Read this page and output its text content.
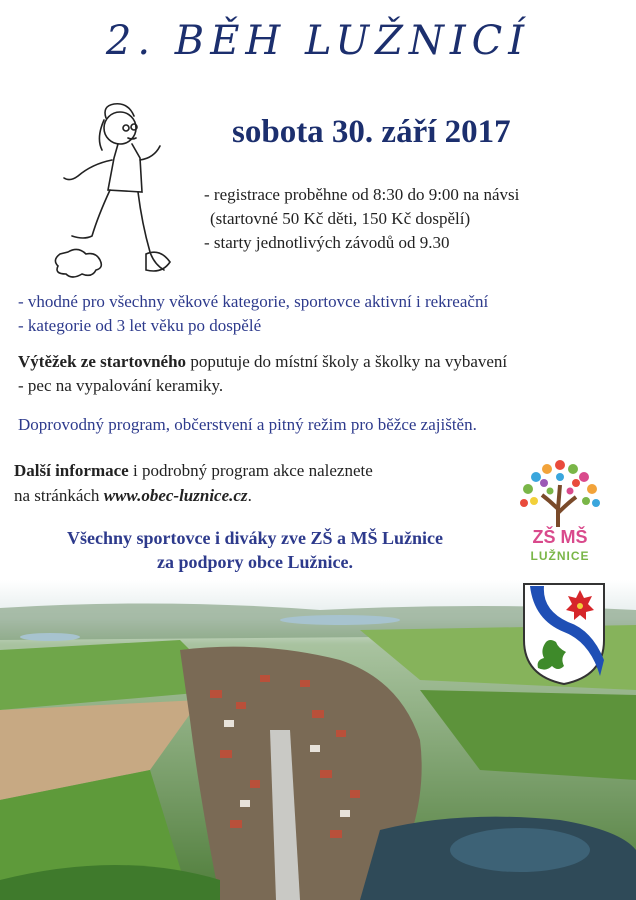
2. BĚH LUŽNICÍ
sobota 30. září 2017
- registrace proběhne od 8:30 do 9:00 na návsi
(startovné 50 Kč děti, 150 Kč dospělí)
- starty jednotlivých závodů od 9.30
- vhodné pro všechny věkové kategorie, sportovce aktivní i rekreační
- kategorie od 3 let věku po dospělé
Výtěžek ze startovného poputuje do místní školy a školky na vybavení
- pec na vypalování keramiky.
Doprovodný program, občerstvení a pitný režim pro běžce zajištěn.
Další informace i podrobný program akce naleznete
na stránkách www.obec-luznice.cz.
Všechny sportovce i diváky zve ZŠ a MŠ Lužnice
za podpory obce Lužnice.
ZŠ MŠ
LUŽNICE
